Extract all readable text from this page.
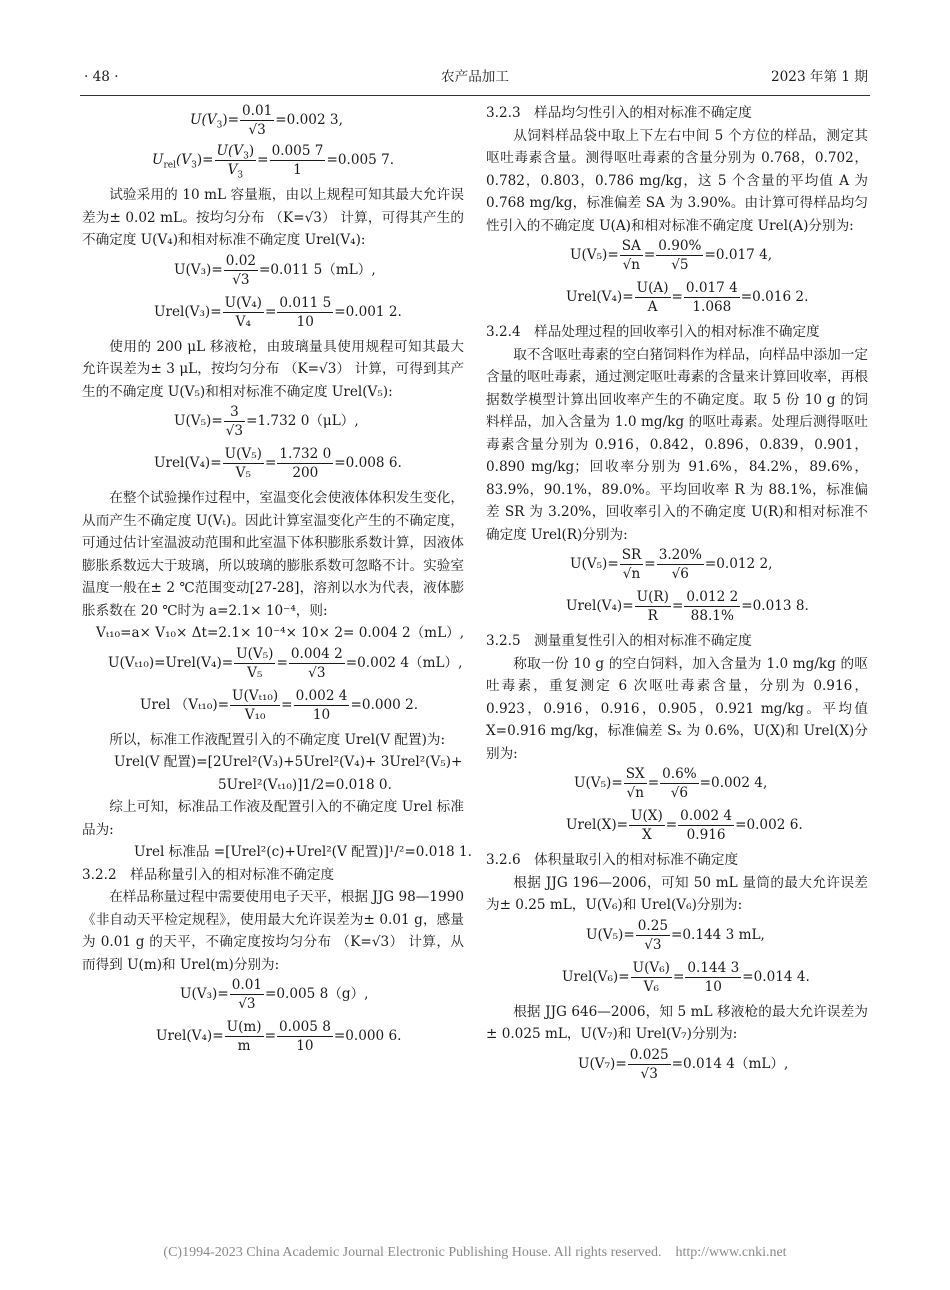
· 48 ·	农产品加工	2023 年第 1 期
$U(V_3)= \frac{0.01}{√3} =0.002$ 3,
$U_{rel}(V_3)= \frac{U(V_3)}{V_3} = \frac{0.005 7}{1} =0.005$ 7.

试验采用的 10 mL 容量瓶，由以上规程可知其最大允许误差为± 0.02 mL。按均匀分布 （K=√3） 计算，可得其产生的不确定度 U(V₄)和相对标准不确定度 Urel(V₄):

$U(V_3)= \frac{0.02}{√3} =0.011$ 5（mL）,
Urel(V₃)= $\frac{\text{U(V₄)}}{\text{V₄}} = \frac{0.011 5}{10} =0.001$ 2.

使用的 200 μL 移液枪，由玻璃量具使用规程可知其最大允许误差为± 3 μL，按均匀分布 （K=√3） 计算，可得到其产生的不确定度 U(V₅)和相对标准不确定度 Urel(V₅):

$U(V_5)= \frac{3}{√3} =1.732$ 0（μL）,
Urel(V₄)= $\frac{\text{U(V₅)}}{\text{V₅}} = \frac{1.732 0}{200} =0.008$ 6.

在整个试验操作过程中，室温变化会使液体体积发生变化，从而产生不确定度 U(Vₜ)。因此计算室温变化产生的不确定度，可通过估计室温波动范围和此室温下体积膨胀系数计算，因液体膨胀系数远大于玻璃，所以玻璃的膨胀系数可忽略不计。实验室温度一般在± 2 ℃范围变动[27-28]，溶剂以水为代表，液体膨胀系数在 20 ℃时为 a=2.1× 10⁻⁴，则:

Vₜ₁₀=a× V₁₀× Δt=2.1× 10⁻⁴× 10× 2= 0.004 2（mL）,
U(Vₜ₁₀)=Urel(V₄)= $\frac{\text{U(V₅)}}{\text{V₅}} = \frac{0.004 2}{√3} =0.002$ 4（mL）,
Urel $(V_{t10})= \frac{\text{U(Vₜ₁₀)}}{\text{V₁₀}} = \frac{0.002 4}{10} =0.000$ 2.

所以，标准工作液配置引入的不确定度 Urel(V 配置)为:

Urel(V 配置)=[2Urel²(V₃)+5Urel²(V₄)+ 3Urel²(V₅)+
5Urel²(Vₜ₁₀)]1/2=0.018 0.

综上可知，标准品工作液及配置引入的不确定度 Urel 标准品为:

Urel 标准品 =[Urel²(c)+Urel²(V 配置)]¹/²=0.018 1.

3.2.2　样品称量引入的相对标准不确定度

在样品称量过程中需要使用电子天平，根据 JJG 98—1990《非自动天平检定规程》，使用最大允许误差为± 0.01 g，感量为 0.01 g 的天平，不确定度按均匀分布 （K=√3） 计算，从而得到 U(m)和 Urel(m)分别为:

$U(V_3)= \frac{0.01}{√3} =0.005$ 8（g）,
Urel(V₄)= $\frac{U(m)}{m} = \frac{0.005 8}{10} =0.000$ 6.

3.2.3　样品均匀性引入的相对标准不确定度

从饲料样品袋中取上下左右中间 5 个方位的样品，测定其呕吐毒素含量。测得呕吐毒素的含量分别为 0.768，0.702，0.782，0.803，0.786 mg/kg，这 5 个含量的平均值 A 为 0.768 mg/kg，标准偏差 SA 为 3.90%。由计算可得样品均匀性引入的不确定度 U(A)和相对标准不确定度 Urel(A)分别为:

$U(V_5)= \frac{SA}{√n} = \frac{0.90\%}{√5} =0.017$ 4,
Urel(V₄)= $\frac{U(A)}{A} = \frac{0.017 4}{1.068} =0.016$ 2.

3.2.4　样品处理过程的回收率引入的相对标准不确定度

取不含呕吐毒素的空白猪饲料作为样品，向样品中添加一定含量的呕吐毒素，通过测定呕吐毒素的含量来计算回收率，再根据数学模型计算出回收率产生的不确定度。取 5 份 10 g 的饲料样品，加入含量为 1.0 mg/kg 的呕吐毒素。处理后测得呕吐毒素含量分别为 0.916，0.842，0.896，0.839，0.901，0.890 mg/kg；回收率分别为 91.6%，84.2%，89.6%，83.9%，90.1%，89.0%。平均回收率 R 为 88.1%，标准偏差 SR 为 3.20%，回收率引入的不确定度 U(R)和相对标准不确定度 Urel(R)分别为:

$U(V_5)= \frac{SR}{√n} = \frac{3.20\%}{√6} =0.012$ 2,
Urel(V₄)= $\frac{U(R)}{R} = \frac{0.012 2}{88.1\%} =0.013$ 8.

3.2.5　测量重复性引入的相对标准不确定度

称取一份 10 g 的空白饲料，加入含量为 1.0 mg/kg 的呕吐毒素，重复测定 6 次呕吐毒素含量，分别为 0.916，0.923，0.916，0.916，0.905，0.921 mg/kg。平均值 X=0.916 mg/kg，标准偏差 Sₓ 为 0.6%，U(X)和 Urel(X)分别为:

$U(V_5)= \frac{SX}{√n} = \frac{0.6\%}{√6} =0.002$ 4,
Urel(X)= $\frac{U(X)}{X} = \frac{0.002 4}{0.916} =0.002$ 6.

3.2.6　体积量取引入的相对标准不确定度

根据 JJG 196—2006，可知 50 mL 量筒的最大允许误差为± 0.25 mL，U(V₆)和 Urel(V₆)分别为:

$U(V_5)= \frac{0.25}{√3} =0.144$ 3 mL,
Urel(V₆)= $\frac{\text{U(V₆)}}{\text{V₆}} = \frac{0.144 3}{10} =0.014$ 4.

根据 JJG 646—2006，知 5 mL 移液枪的最大允许误差为± 0.025 mL，U(V₇)和 Urel(V₇)分别为:

$U(V_7)= \frac{0.025}{√3} =0.014$ 4（mL）,
(C)1994-2023 China Academic Journal Electronic Publishing House. All rights reserved.　http://www.cnki.net
